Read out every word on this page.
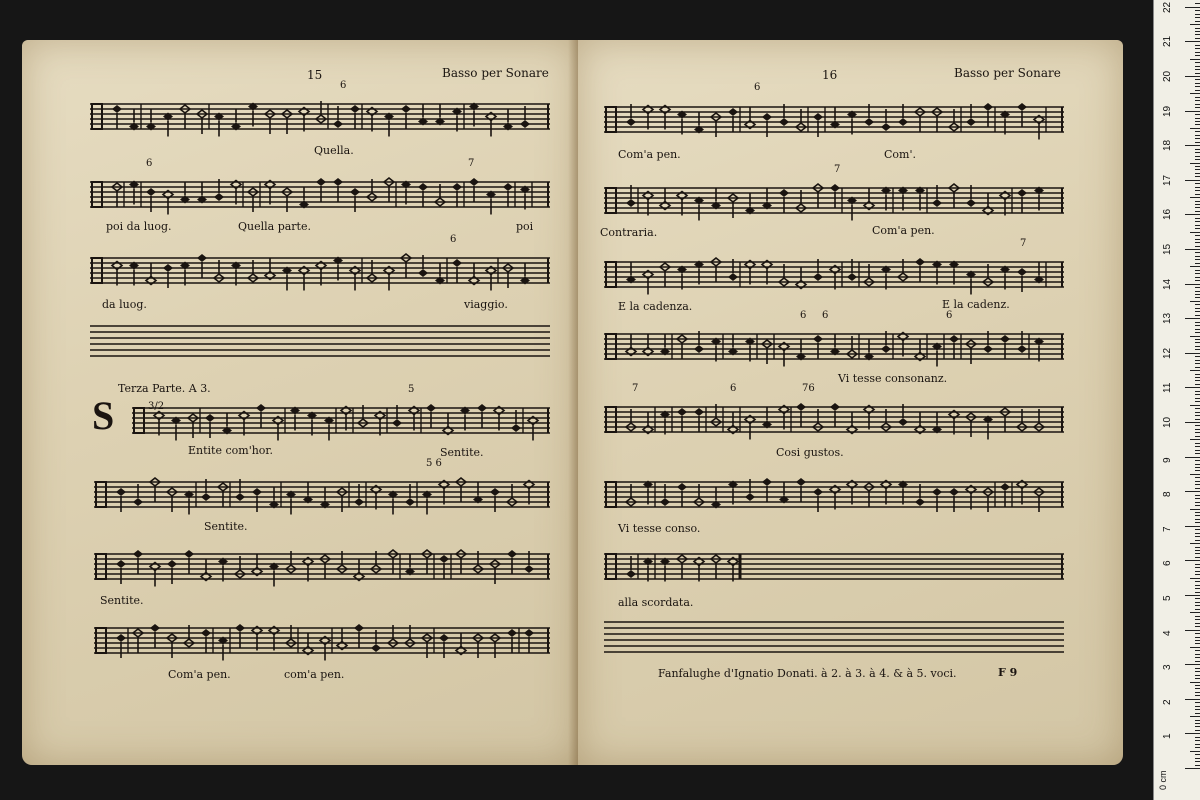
15	Basso per Sonare
6
Quella.
6	7
poi da luog.	Quella parte.	poi
6
da luog.	viaggio.
Terza Parte. A 3.
S
5
3/2
Entite com'hor.	Sentite.
5 6
Sentite.
Sentite.
Com'a pen.	com'a pen.
16	Basso per Sonare
6
Com'a pen.	Com'.
7
Contraria.	Com'a pen.
7
E la cadenza.	E la cadenz.
6 6	6
Vi tesse consonanz.
7	6	76
Cosi gustos.
Vi tesse conso.
alla scordata.
Fanfalughe d'Ignatio Donati. à 2. à 3. à 4. & à 5. voci.	F 9
0 cm
1
2
3
4
5
6
7
8
9
10
11
12
13
14
15
16
17
18
19
20
21
22
